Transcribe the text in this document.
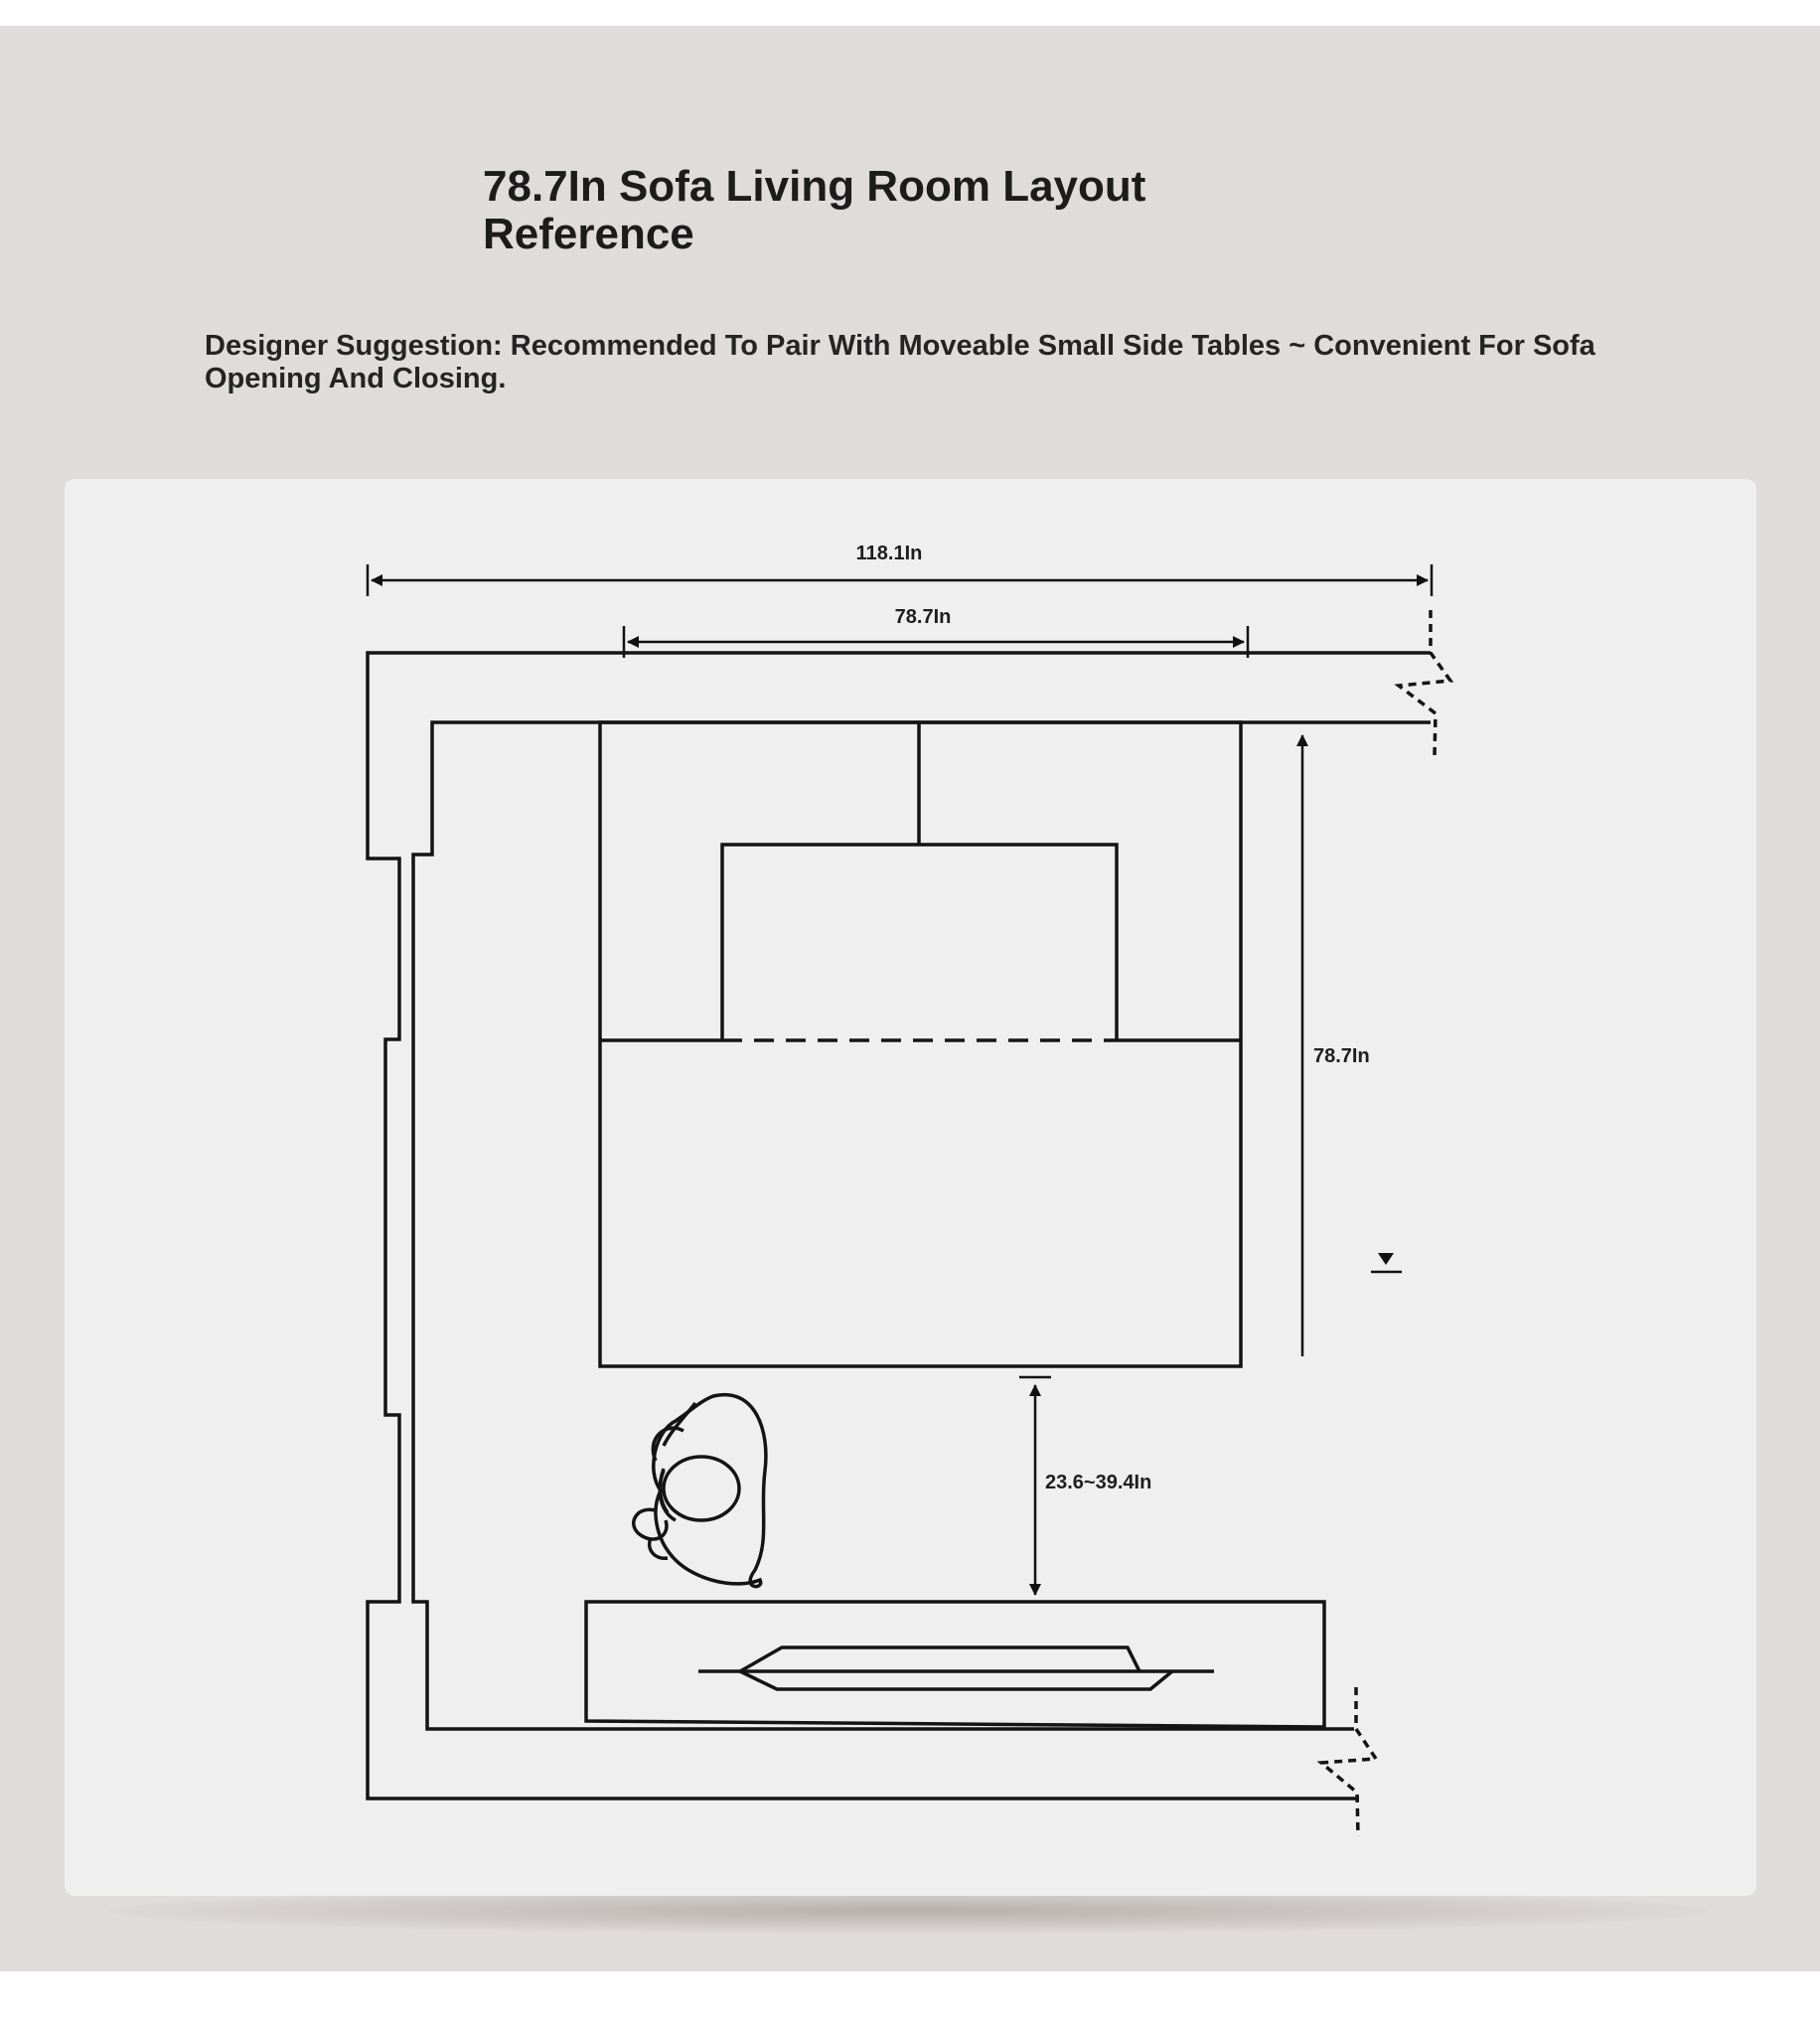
78.7In Sofa Living Room Layout Reference

Designer Suggestion: Recommended To Pair With Moveable Small Side Tables ~ Convenient For Sofa Opening And Closing.

118.1In
78.7In
78.7In
23.6~39.4In
